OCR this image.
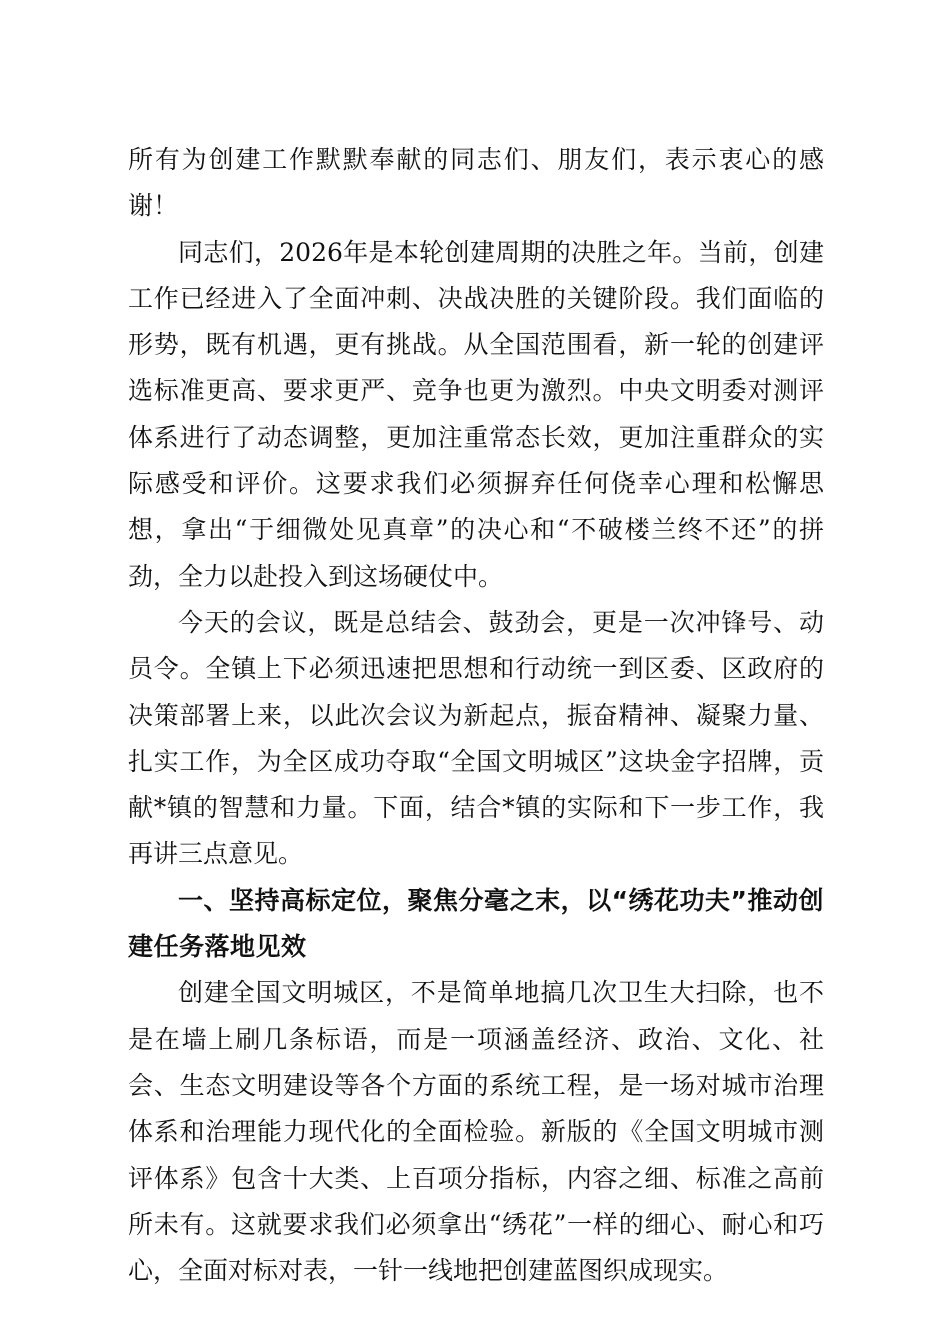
所有为创建工作默默奉献的同志们、朋友们，表示衷心的感谢！

同志们，2026年是本轮创建周期的决胜之年。当前，创建工作已经进入了全面冲刺、决战决胜的关键阶段。我们面临的形势，既有机遇，更有挑战。从全国范围看，新一轮的创建评选标准更高、要求更严、竞争也更为激烈。中央文明委对测评体系进行了动态调整，更加注重常态长效，更加注重群众的实际感受和评价。这要求我们必须摒弃任何侥幸心理和松懈思想，拿出“于细微处见真章”的决心和“不破楼兰终不还”的拼劲，全力以赴投入到这场硬仗中。

今天的会议，既是总结会、鼓劲会，更是一次冲锋号、动员令。全镇上下必须迅速把思想和行动统一到区委、区政府的决策部署上来，以此次会议为新起点，振奋精神、凝聚力量、扎实工作，为全区成功夺取“全国文明城区”这块金字招牌，贡献*镇的智慧和力量。下面，结合*镇的实际和下一步工作，我再讲三点意见。

一、坚持高标定位，聚焦分毫之末，以“绣花功夫”推动创建任务落地见效

创建全国文明城区，不是简单地搞几次卫生大扫除，也不是在墙上刷几条标语，而是一项涵盖经济、政治、文化、社会、生态文明建设等各个方面的系统工程，是一场对城市治理体系和治理能力现代化的全面检验。新版的《全国文明城市测评体系》包含十大类、上百项分指标，内容之细、标准之高前所未有。这就要求我们必须拿出“绣花”一样的细心、耐心和巧心，全面对标对表，一针一线地把创建蓝图织成现实。
